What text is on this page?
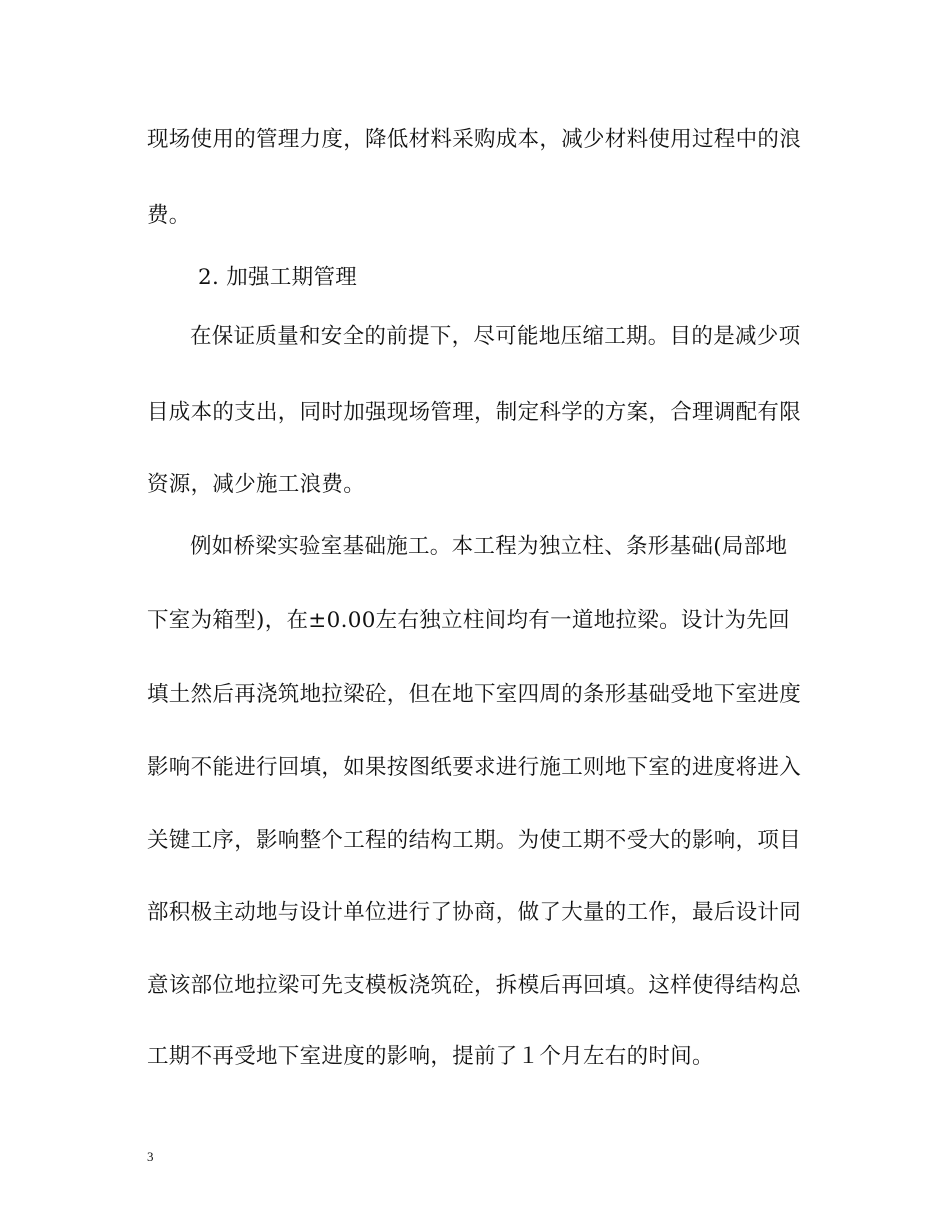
现场使用的管理力度，降低材料采购成本，减少材料使用过程中的浪
费。
2. 加强工期管理
在保证质量和安全的前提下，尽可能地压缩工期。目的是减少项
目成本的支出，同时加强现场管理，制定科学的方案，合理调配有限
资源，减少施工浪费。
例如桥梁实验室基础施工。本工程为独立柱、条形基础(局部地
下室为箱型)，在±0.00左右独立柱间均有一道地拉梁。设计为先回
填土然后再浇筑地拉梁砼，但在地下室四周的条形基础受地下室进度
影响不能进行回填，如果按图纸要求进行施工则地下室的进度将进入
关键工序，影响整个工程的结构工期。为使工期不受大的影响，项目
部积极主动地与设计单位进行了协商，做了大量的工作，最后设计同
意该部位地拉梁可先支模板浇筑砼，拆模后再回填。这样使得结构总
工期不再受地下室进度的影响，提前了１个月左右的时间。
3
